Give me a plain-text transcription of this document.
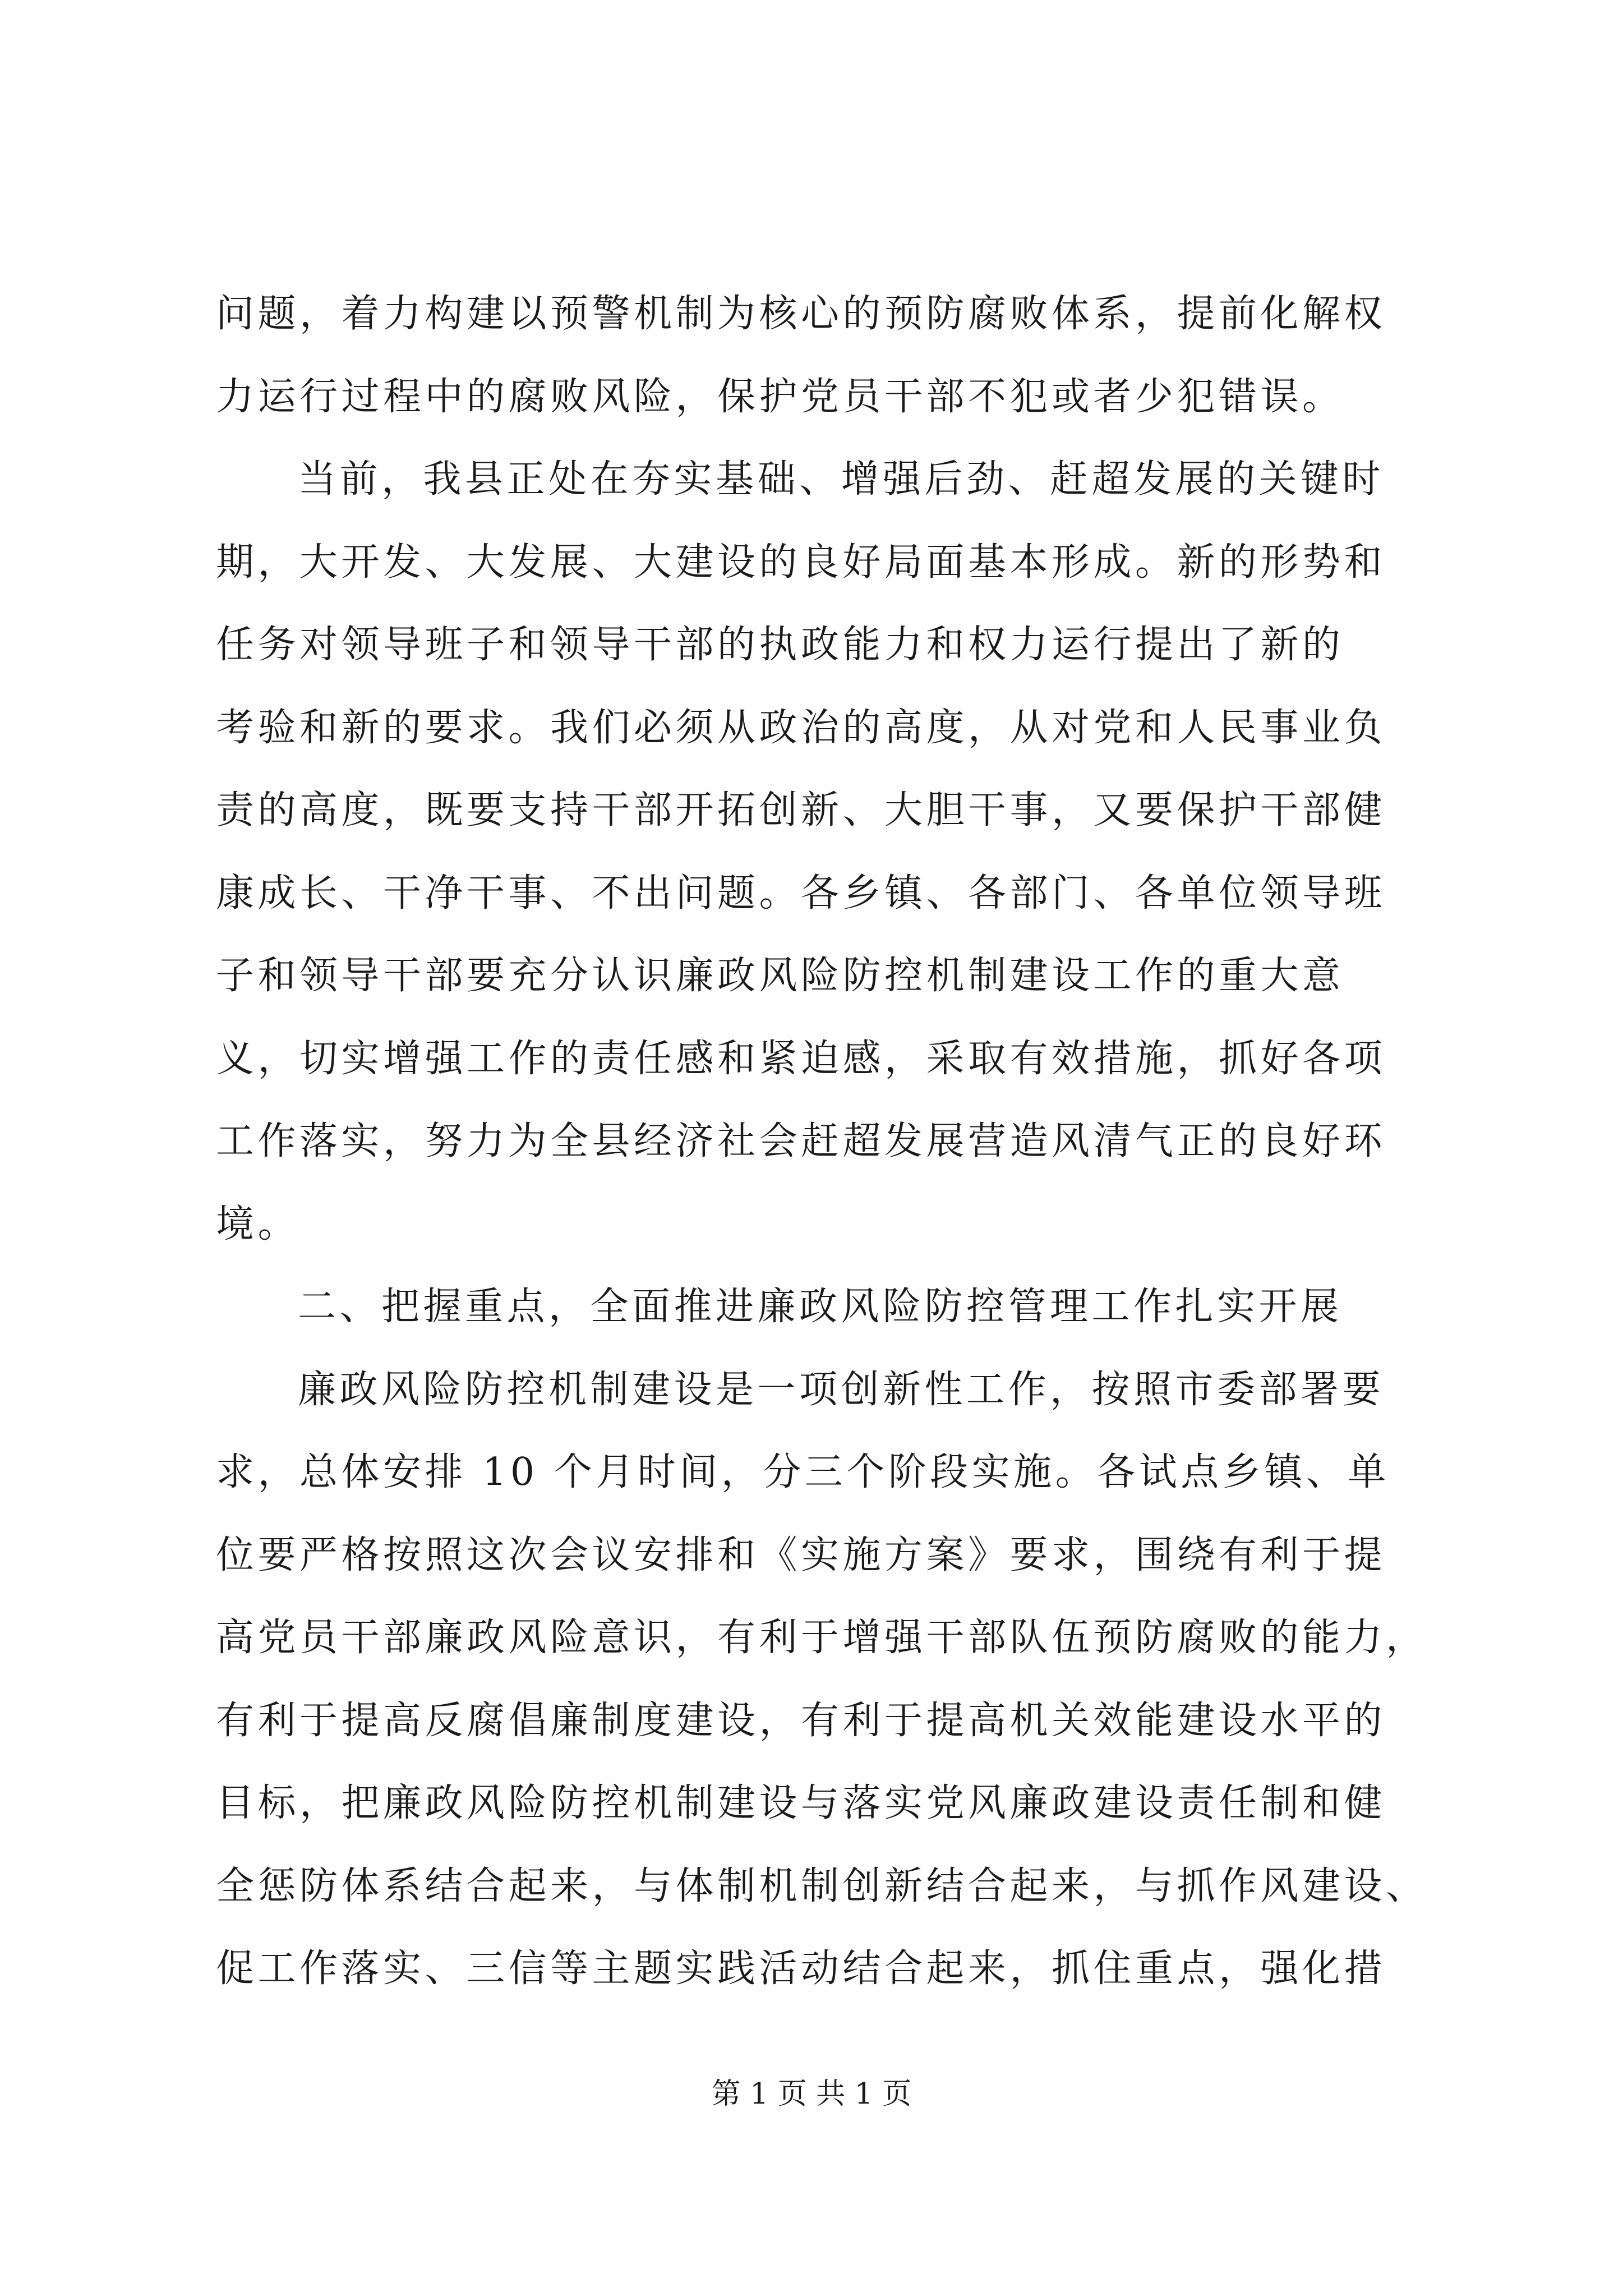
问题，着力构建以预警机制为核心的预防腐败体系，提前化解权
力运行过程中的腐败风险，保护党员干部不犯或者少犯错误。
当前，我县正处在夯实基础、增强后劲、赶超发展的关键时
期，大开发、大发展、大建设的良好局面基本形成。新的形势和
任务对领导班子和领导干部的执政能力和权力运行提出了新的
考验和新的要求。我们必须从政治的高度，从对党和人民事业负
责的高度，既要支持干部开拓创新、大胆干事，又要保护干部健
康成长、干净干事、不出问题。各乡镇、各部门、各单位领导班
子和领导干部要充分认识廉政风险防控机制建设工作的重大意
义，切实增强工作的责任感和紧迫感，采取有效措施，抓好各项
工作落实，努力为全县经济社会赶超发展营造风清气正的良好环
境。
二、把握重点，全面推进廉政风险防控管理工作扎实开展
廉政风险防控机制建设是一项创新性工作，按照市委部署要
求，总体安排 10 个月时间，分三个阶段实施。各试点乡镇、单
位要严格按照这次会议安排和《实施方案》要求，围绕有利于提
高党员干部廉政风险意识，有利于增强干部队伍预防腐败的能力，
有利于提高反腐倡廉制度建设，有利于提高机关效能建设水平的
目标，把廉政风险防控机制建设与落实党风廉政建设责任制和健
全惩防体系结合起来，与体制机制创新结合起来，与抓作风建设、
促工作落实、三信等主题实践活动结合起来，抓住重点，强化措
第 1 页 共 1 页
